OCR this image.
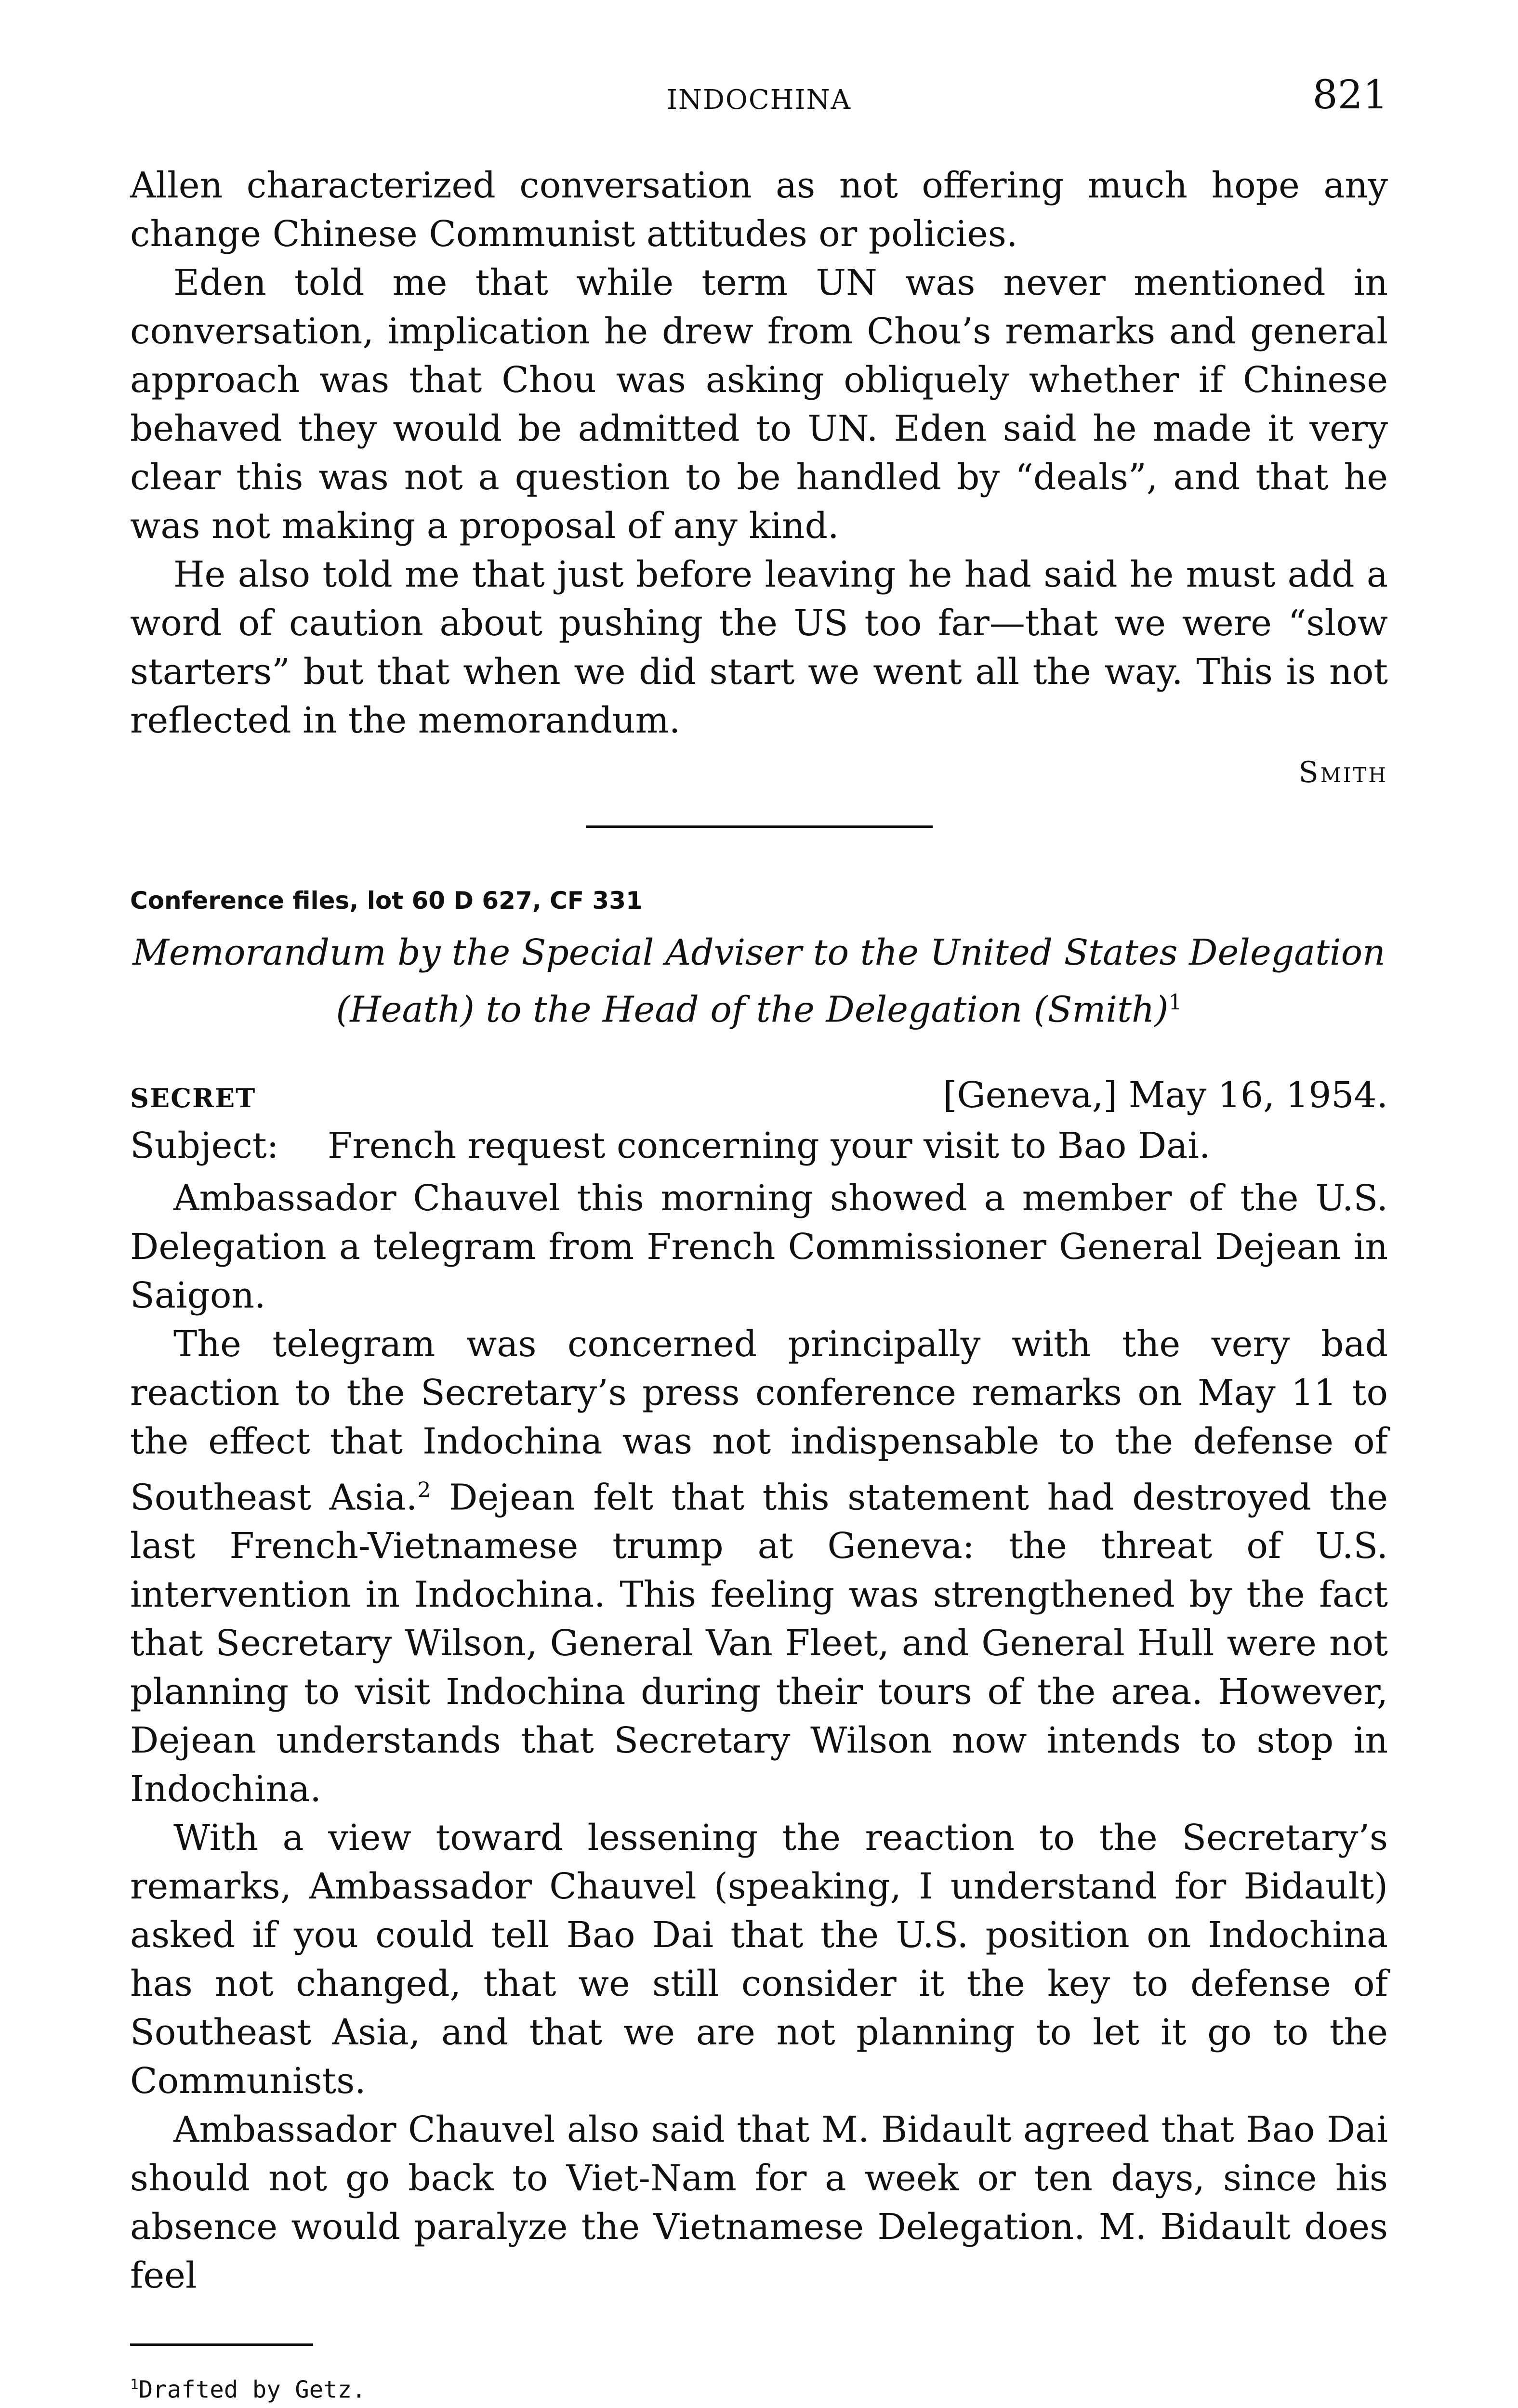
INDOCHINA	821

Allen characterized conversation as not offering much hope any change Chinese Communist attitudes or policies.

Eden told me that while term UN was never mentioned in conversation, implication he drew from Chou’s remarks and general approach was that Chou was asking obliquely whether if Chinese behaved they would be admitted to UN. Eden said he made it very clear this was not a question to be handled by “deals”, and that he was not making a proposal of any kind.

He also told me that just before leaving he had said he must add a word of caution about pushing the US too far—that we were “slow starters” but that when we did start we went all the way. This is not reflected in the memorandum.

Smith
Conference files, lot 60 D 627, CF 331
Memorandum by the Special Adviser to the United States Delegation
(Heath) to the Head of the Delegation (Smith)$^1$
SECRET	[Geneva,] May 16, 1954.
Subject:	French request concerning your visit to Bao Dai.

Ambassador Chauvel this morning showed a member of the U.S. Delegation a telegram from French Commissioner General Dejean in Saigon.

The telegram was concerned principally with the very bad reaction to the Secretary’s press conference remarks on May 11 to the effect that Indochina was not indispensable to the defense of Southeast Asia.$^2$ Dejean felt that this statement had destroyed the last French-Vietnamese trump at Geneva: the threat of U.S. intervention in Indochina. This feeling was strengthened by the fact that Secretary Wilson, General Van Fleet, and General Hull were not planning to visit Indochina during their tours of the area. However, Dejean understands that Secretary Wilson now intends to stop in Indochina.

With a view toward lessening the reaction to the Secretary’s remarks, Ambassador Chauvel (speaking, I understand for Bidault) asked if you could tell Bao Dai that the U.S. position on Indochina has not changed, that we still consider it the key to defense of Southeast Asia, and that we are not planning to let it go to the Communists.

Ambassador Chauvel also said that M. Bidault agreed that Bao Dai should not go back to Viet-Nam for a week or ten days, since his absence would paralyze the Vietnamese Delegation. M. Bidault does feel

$^1$Drafted by Getz.
